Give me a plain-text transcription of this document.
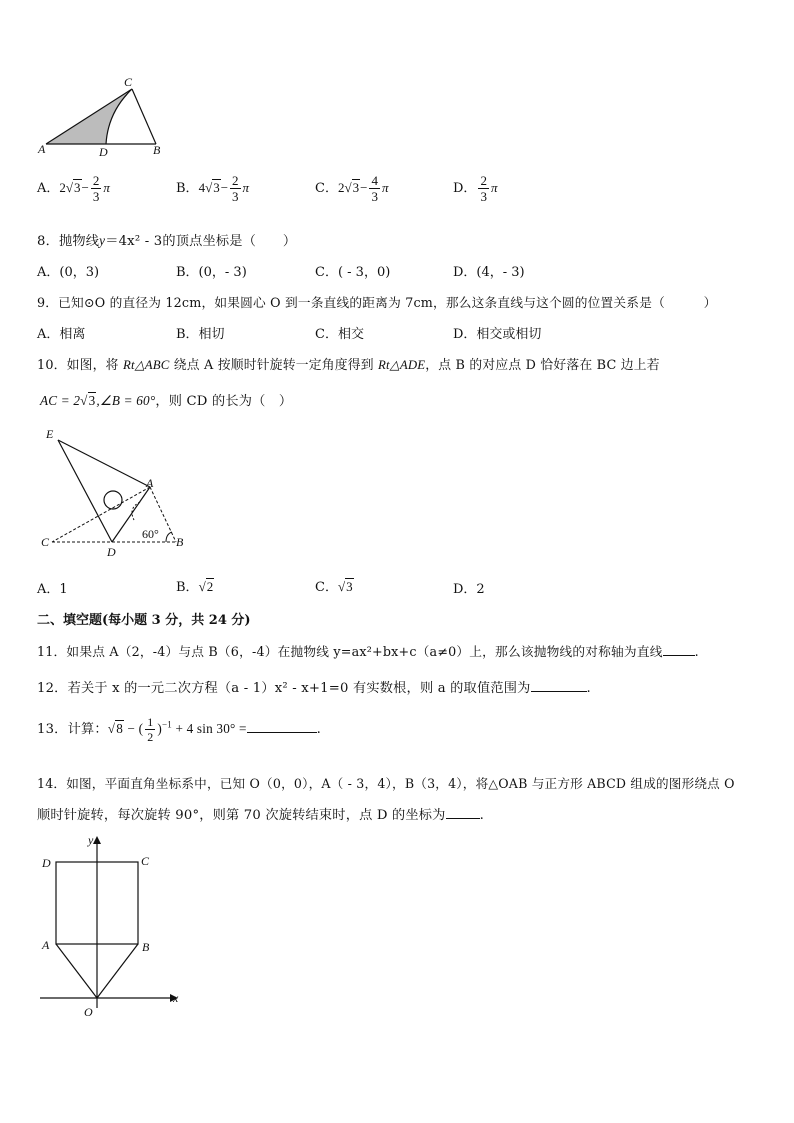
C
A	D	B
A．$2√3- \frac{2}{3}$ π	B．$4√3- \frac{2}{3}$ π	C．$2√3- \frac{4}{3}$ π	D． $\frac{2}{3}$ π
8．抛物线y＝4x² - 3的顶点坐标是（　　）
A．(0，3)	B．(0，- 3)	C．( - 3，0)	D．(4，- 3)
9．已知⊙O 的直径为 12cm，如果圆心 O 到一条直线的距离为 7cm，那么这条直线与这个圆的位置关系是（　　　）
A．相离	B．相切	C．相交	D．相交或相切
10．如图，将 Rt△ABC 绕点 A 按顺时针旋转一定角度得到 Rt△ADE，点 B 的对应点 D 恰好落在 BC 边上若
AC = 2√3,∠B = 60°，则 CD 的长为（　）
E
A
C
D
B
60°
A．1	B．√2	C．√3	D．2
二、填空题(每小题 3 分，共 24 分)
11．如果点 A（2，-4）与点 B（6，-4）在抛物线 y=ax²+bx+c（a≠0）上，那么该抛物线的对称轴为直线	.
12．若关于 x 的一元二次方程（a - 1）x² - x+1=0 有实数根，则 a 的取值范围为	.
13．计算：√8 − ( $\frac{1}{2} )^{-1} + 4$ sin 30° =	.
14．如图，平面直角坐标系中，已知 O（0，0），A（ - 3，4），B（3，4），将△OAB 与正方形 ABCD 组成的图形绕点 O
顺时针旋转，每次旋转 90°，则第 70 次旋转结束时，点 D 的坐标为	.
y
x
D	C
A	B
O
